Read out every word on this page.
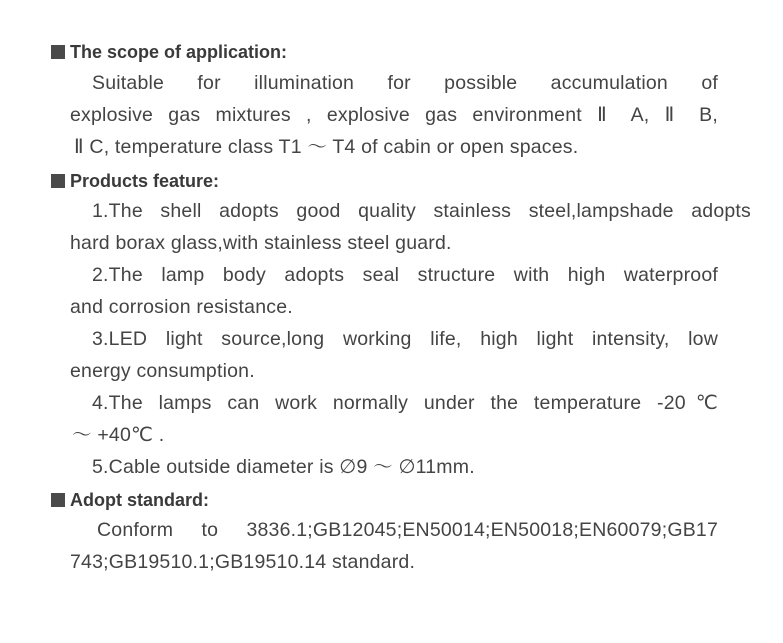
The scope of application:
Suitable for illumination for possible accumulation of
explosive gas mixtures , explosive gas environment Ⅱ A, Ⅱ B,
Ⅱ C, temperature class T1 ～ T4 of cabin or open spaces.
Products feature:
1.The shell adopts good quality stainless steel,lampshade adopts
hard borax glass,with stainless steel guard.
2.The lamp body adopts seal structure with high waterproof
and corrosion resistance.
3.LED light source,long working life, high light intensity, low
energy consumption.
4.The lamps can work normally under the temperature -20℃
～ +40℃ .
5.Cable outside diameter is ∅9 ～ ∅11mm.
Adopt standard:
Conform to 3836.1;GB12045;EN50014;EN50018;EN60079;GB17
743;GB19510.1;GB19510.14 standard.
